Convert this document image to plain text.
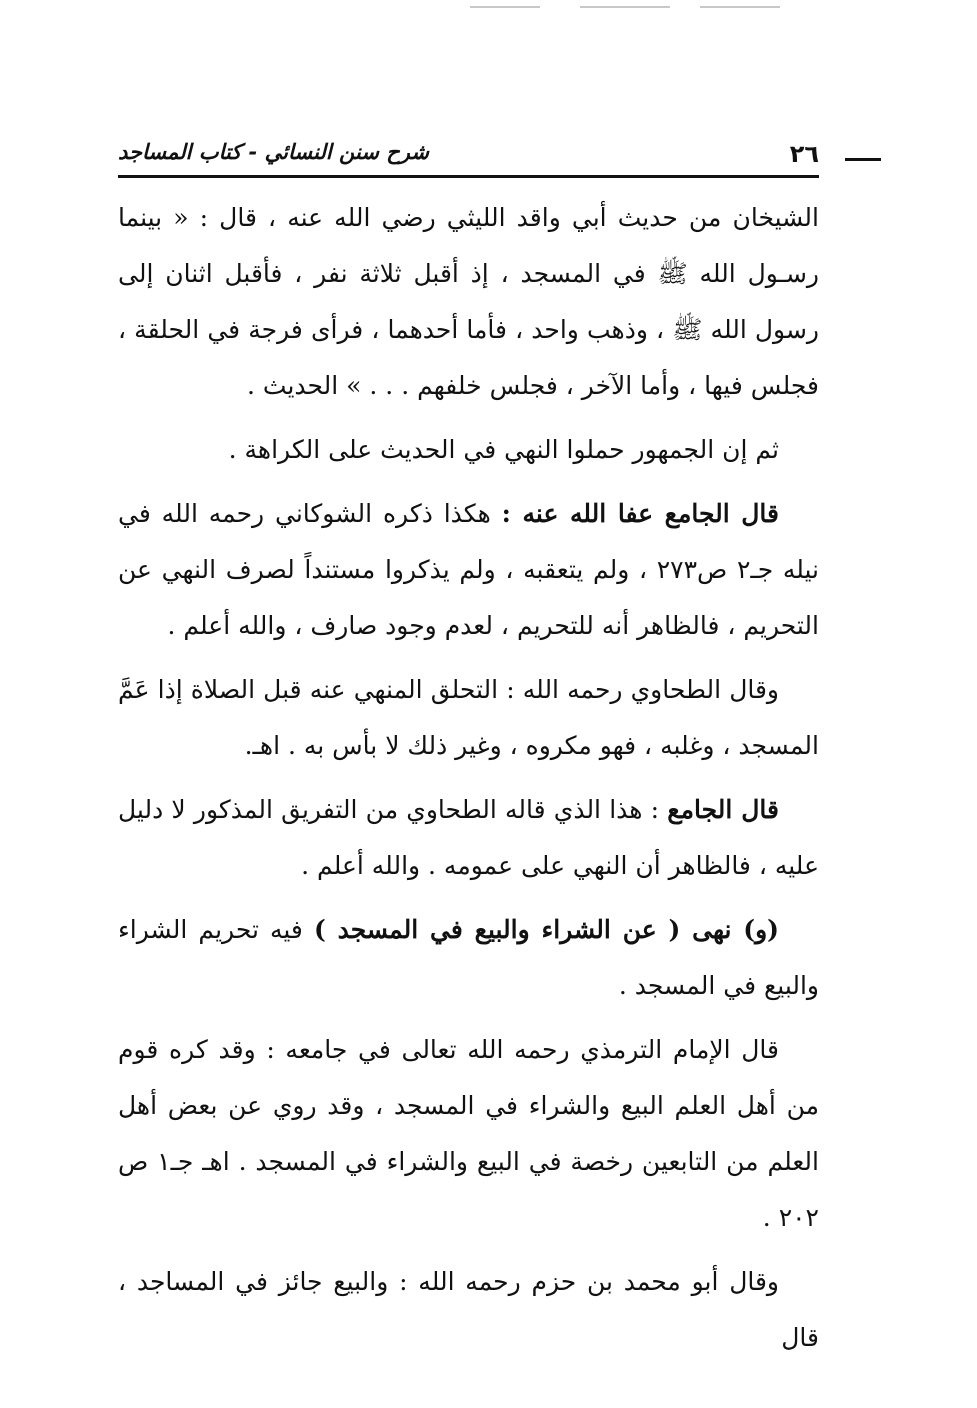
شرح سنن النسائي - كتاب المساجد	٢٦

الشيخان من حديث أبي واقد الليثي رضي الله عنه ، قال : « بينما رسـول الله ﷺ في المسجد ، إذ أقبل ثلاثة نفر ، فأقبل اثنان إلى رسول الله ﷺ ، وذهب واحد ، فأما أحدهما ، فرأى فرجة في الحلقة ، فجلس فيها ، وأما الآخر ، فجلس خلفهم . . . » الحديث .

ثم إن الجمهور حملوا النهي في الحديث على الكراهة .

قال الجامع عفا الله عنه : هكذا ذكره الشوكاني رحمه الله في نيله جـ٢ ص٢٧٣ ، ولم يتعقبه ، ولم يذكروا مستنداً لصرف النهي عن التحريم ، فالظاهر أنه للتحريم ، لعدم وجود صارف ، والله أعلم .

وقال الطحاوي رحمه الله : التحلق المنهي عنه قبل الصلاة إذا عَمَّ المسجد ، وغلبه ، فهو مكروه ، وغير ذلك لا بأس به . اهـ.

قال الجامع : هذا الذي قاله الطحاوي من التفريق المذكور لا دليل عليه ، فالظاهر أن النهي على عمومه . والله أعلم .

(و) نهى ( عن الشراء والبيع في المسجد ) فيه تحريم الشراء والبيع في المسجد .

قال الإمام الترمذي رحمه الله تعالى في جامعه : وقد كره قوم من أهل العلم البيع والشراء في المسجد ، وقد روي عن بعض أهل العلم من التابعين رخصة في البيع والشراء في المسجد . اهـ جـ١ ص ٢٠٢ .

وقال أبو محمد بن حزم رحمه الله : والبيع جائز في المساجد ، قال
